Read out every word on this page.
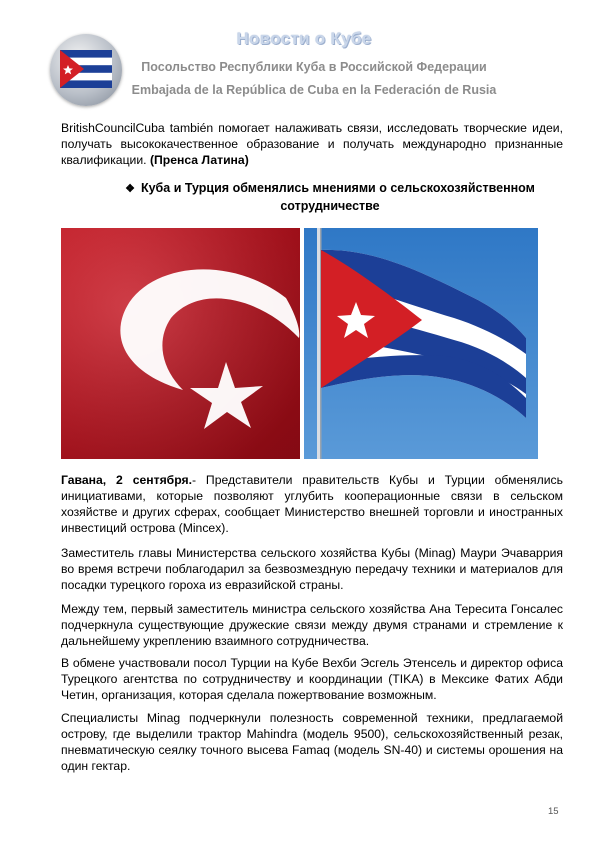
Новости о Кубе
Посольство Республики Куба в Российской Федерации
Embajada de la República de Cuba en la Federación de Rusia

BritishCouncilCuba también помогает налаживать связи, исследовать творческие идеи, получать высококачественное образование и получать международно признанные квалификации. (Пренса Латина)

❖ Куба и Турция обменялись мнениями о сельскохозяйственном сотрудничестве

Гавана, 2 сентября.- Представители правительств Кубы и Турции обменялись инициативами, которые позволяют углубить кооперационные связи в сельском хозяйстве и других сферах, сообщает Министерство внешней торговли и иностранных инвестиций острова (Mincex).

Заместитель главы Министерства сельского хозяйства Кубы (Minag) Маури Эчаваррия во время встречи поблагодарил за безвозмездную передачу техники и материалов для посадки турецкого гороха из евразийской страны.

Между тем, первый заместитель министра сельского хозяйства Ана Тересита Гонсалес подчеркнула существующие дружеские связи между двумя странами и стремление к дальнейшему укреплению взаимного сотрудничества.

В обмене участвовали посол Турции на Кубе Вехби Эсгель Этенсель и директор офиса Турецкого агентства по сотрудничеству и координации (TIKA) в Мексике Фатих Абди Четин, организация, которая сделала пожертвование возможным.

Специалисты Minag подчеркнули полезность современной техники, предлагаемой острову, где выделили трактор Mahindra (модель 9500), сельскохозяйственный резак, пневматическую сеялку точного высева Famaq (модель SN-40) и системы орошения на один гектар.

15
